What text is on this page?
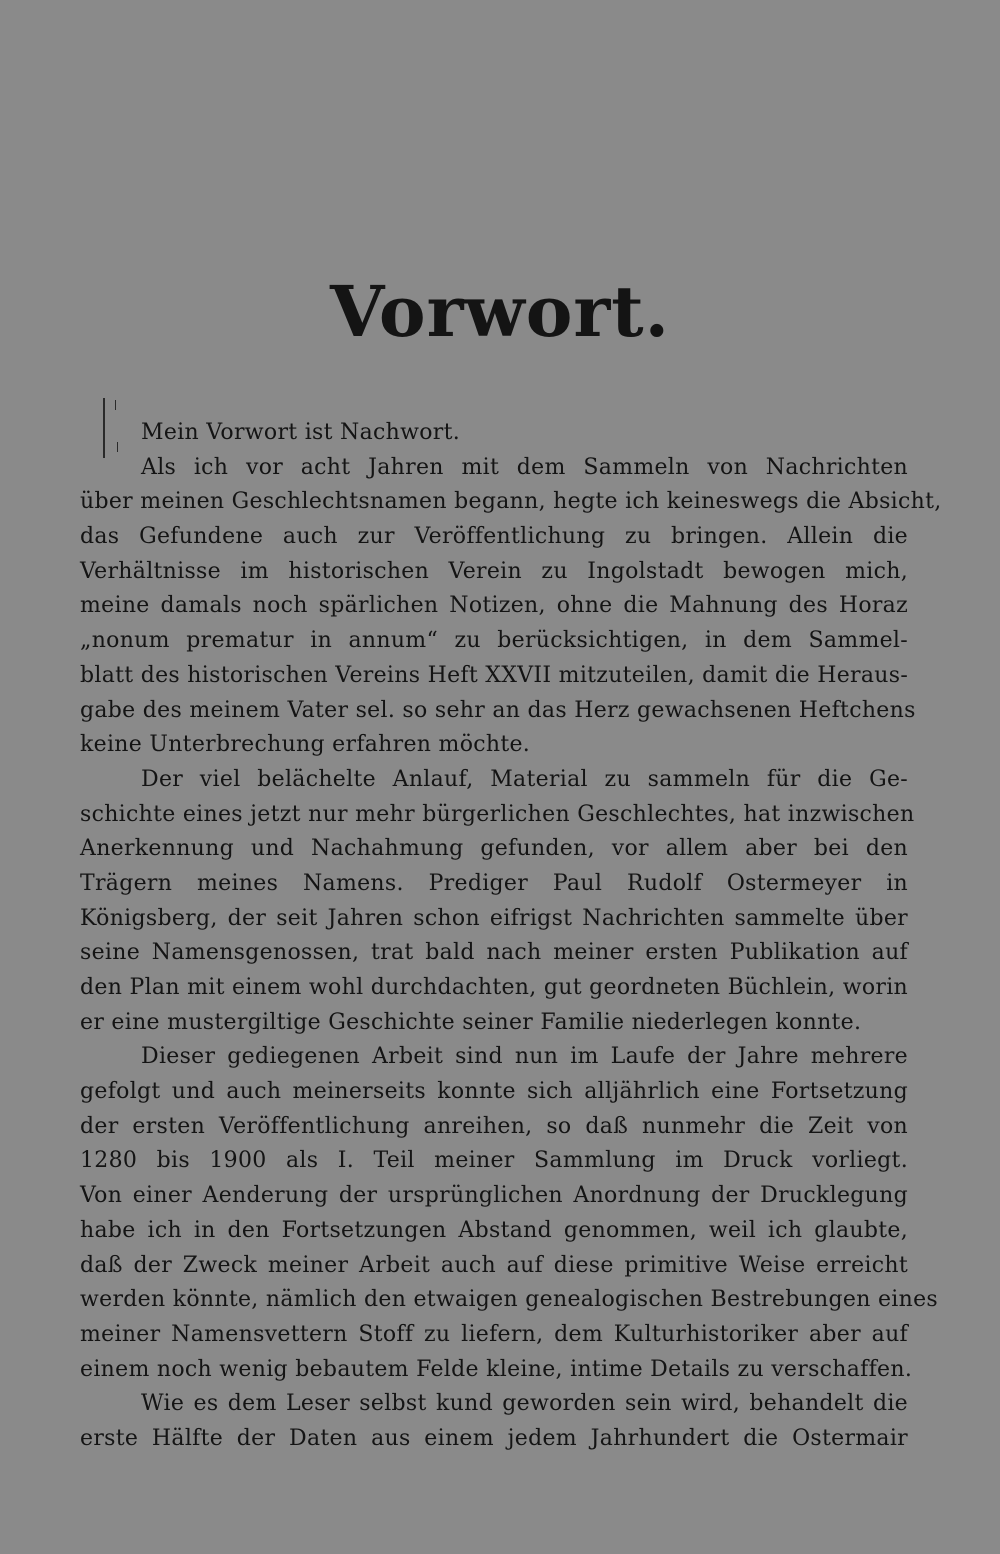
Vorwort.
Mein Vorwort ist Nachwort.
Als ich vor acht Jahren mit dem Sammeln von Nachrichten
über meinen Geschlechtsnamen begann, hegte ich keineswegs die Absicht,
das Gefundene auch zur Veröffentlichung zu bringen. Allein die
Verhältnisse im historischen Verein zu Ingolstadt bewogen mich,
meine damals noch spärlichen Notizen, ohne die Mahnung des Horaz
„nonum prematur in annum“ zu berücksichtigen, in dem Sammel-
blatt des historischen Vereins Heft XXVII mitzuteilen, damit die Heraus-
gabe des meinem Vater sel. so sehr an das Herz gewachsenen Heftchens
keine Unterbrechung erfahren möchte.
Der viel belächelte Anlauf, Material zu sammeln für die Ge-
schichte eines jetzt nur mehr bürgerlichen Geschlechtes, hat inzwischen
Anerkennung und Nachahmung gefunden, vor allem aber bei den
Trägern meines Namens. Prediger Paul Rudolf Ostermeyer in
Königsberg, der seit Jahren schon eifrigst Nachrichten sammelte über
seine Namensgenossen, trat bald nach meiner ersten Publikation auf
den Plan mit einem wohl durchdachten, gut geordneten Büchlein, worin
er eine mustergiltige Geschichte seiner Familie niederlegen konnte.
Dieser gediegenen Arbeit sind nun im Laufe der Jahre mehrere
gefolgt und auch meinerseits konnte sich alljährlich eine Fortsetzung
der ersten Veröffentlichung anreihen, so daß nunmehr die Zeit von
1280 bis 1900 als I. Teil meiner Sammlung im Druck vorliegt.
Von einer Aenderung der ursprünglichen Anordnung der Drucklegung
habe ich in den Fortsetzungen Abstand genommen, weil ich glaubte,
daß der Zweck meiner Arbeit auch auf diese primitive Weise erreicht
werden könnte, nämlich den etwaigen genealogischen Bestrebungen eines
meiner Namensvettern Stoff zu liefern, dem Kulturhistoriker aber auf
einem noch wenig bebautem Felde kleine, intime Details zu verschaffen.
Wie es dem Leser selbst kund geworden sein wird, behandelt die
erste Hälfte der Daten aus einem jedem Jahrhundert die Ostermair
